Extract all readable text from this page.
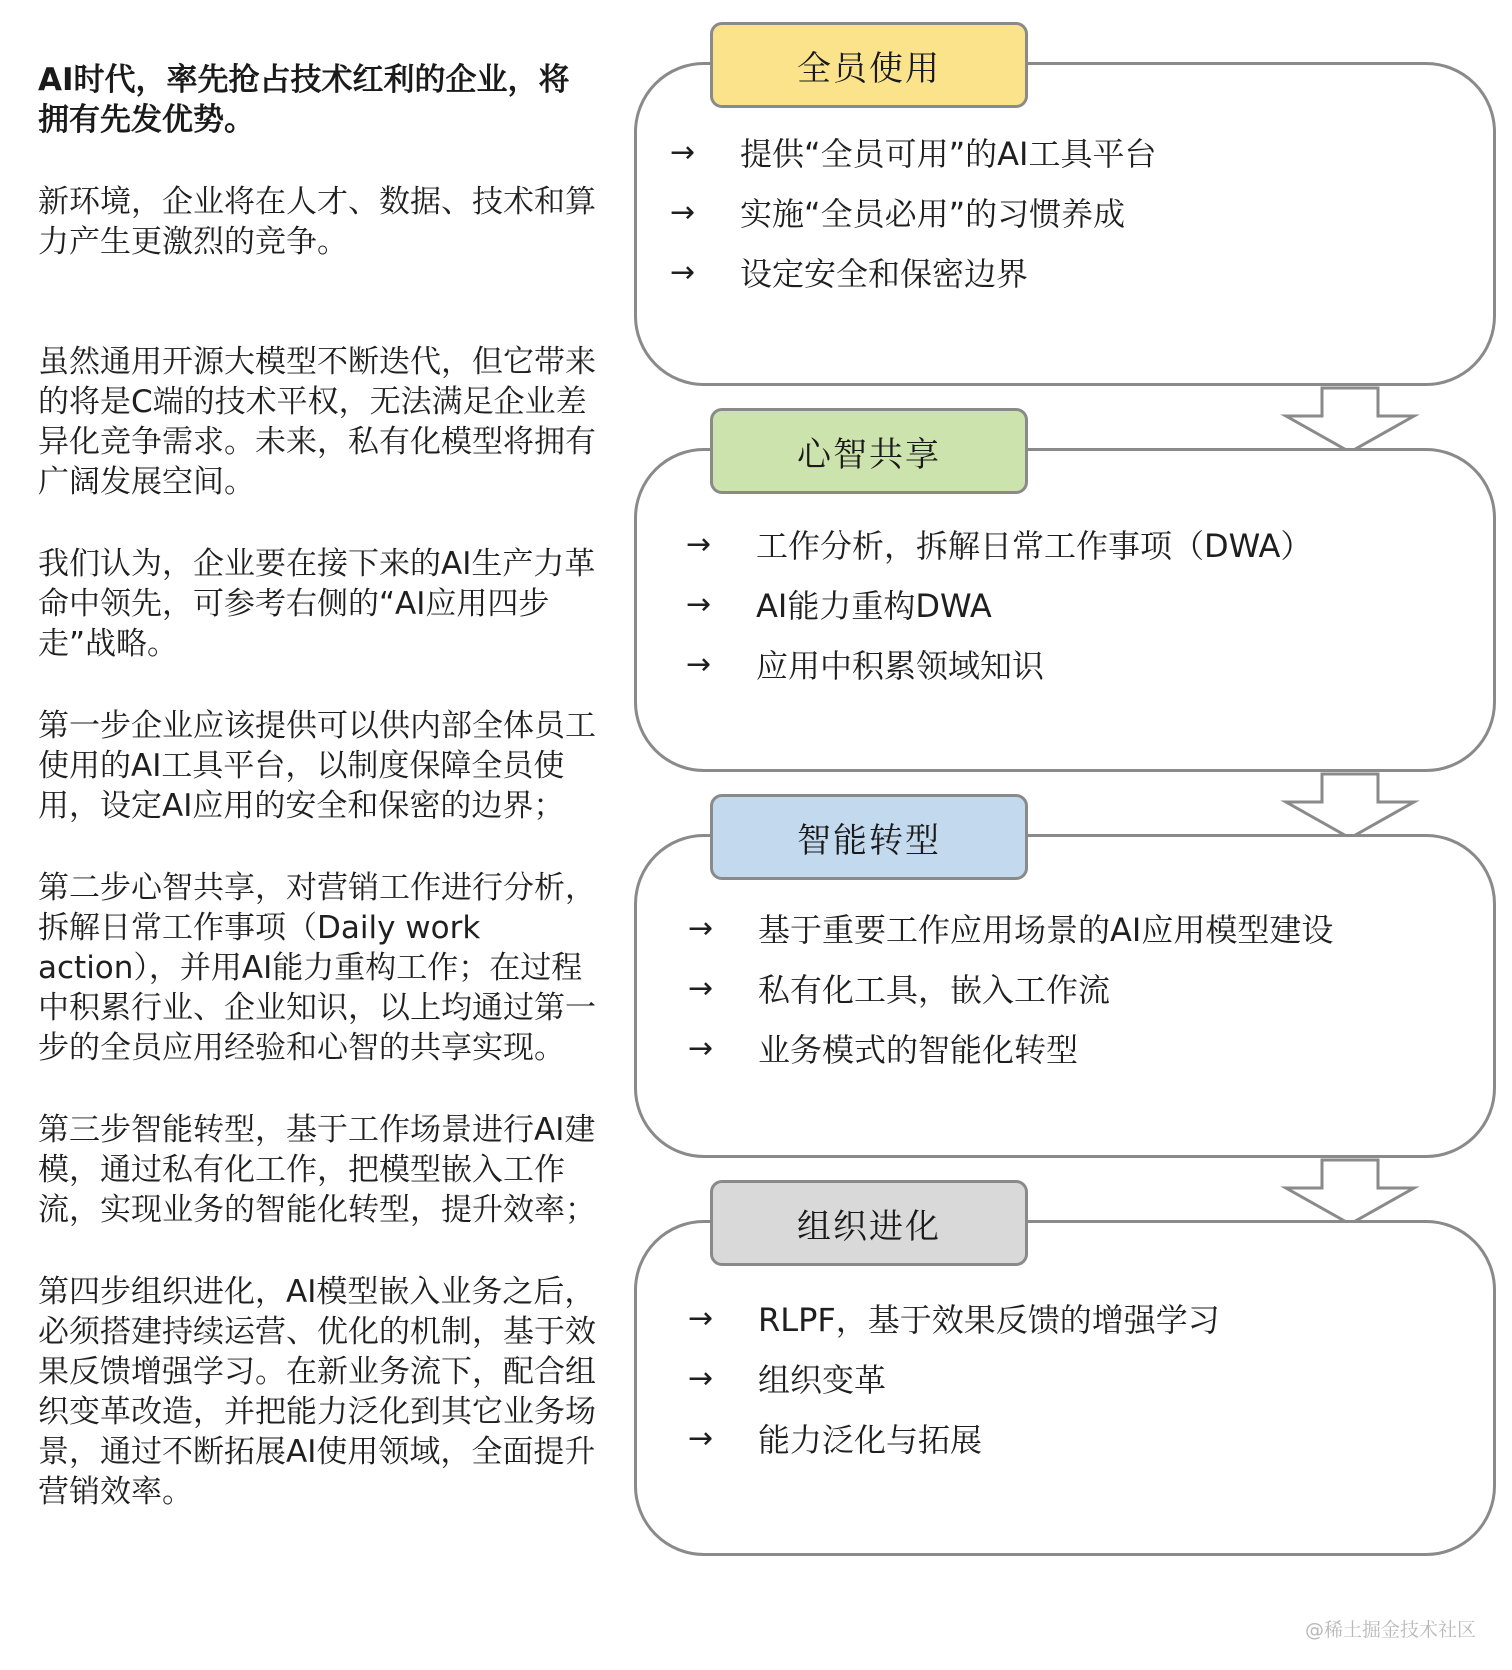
AI时代，率先抢占技术红利的企业，将拥有先发优势。

新环境，企业将在人才、数据、技术和算力产生更激烈的竞争。

虽然通用开源大模型不断迭代，但它带来的将是C端的技术平权，无法满足企业差异化竞争需求。未来，私有化模型将拥有广阔发展空间。

我们认为，企业要在接下来的AI生产力革命中领先，可参考右侧的“AI应用四步走”战略。

第一步企业应该提供可以供内部全体员工使用的AI工具平台，以制度保障全员使用，设定AI应用的安全和保密的边界；

第二步心智共享，对营销工作进行分析，拆解日常工作事项（Daily work action），并用AI能力重构工作；在过程中积累行业、企业知识，以上均通过第一步的全员应用经验和心智的共享实现。

第三步智能转型，基于工作场景进行AI建模，通过私有化工作，把模型嵌入工作流，实现业务的智能化转型，提升效率；

第四步组织进化，AI模型嵌入业务之后，必须搭建持续运营、优化的机制，基于效果反馈增强学习。在新业务流下，配合组织变革改造，并把能力泛化到其它业务场景，通过不断拓展AI使用领域，全面提升营销效率。

全员使用
→	提供“全员可用”的AI工具平台
→	实施“全员必用”的习惯养成
→	设定安全和保密边界
心智共享
→	工作分析，拆解日常工作事项（DWA）
→	AI能力重构DWA
→	应用中积累领域知识
智能转型
→	基于重要工作应用场景的AI应用模型建设
→	私有化工具，嵌入工作流
→	业务模式的智能化转型
组织进化
→	RLPF，基于效果反馈的增强学习
→	组织变革
→	能力泛化与拓展
@稀土掘金技术社区
